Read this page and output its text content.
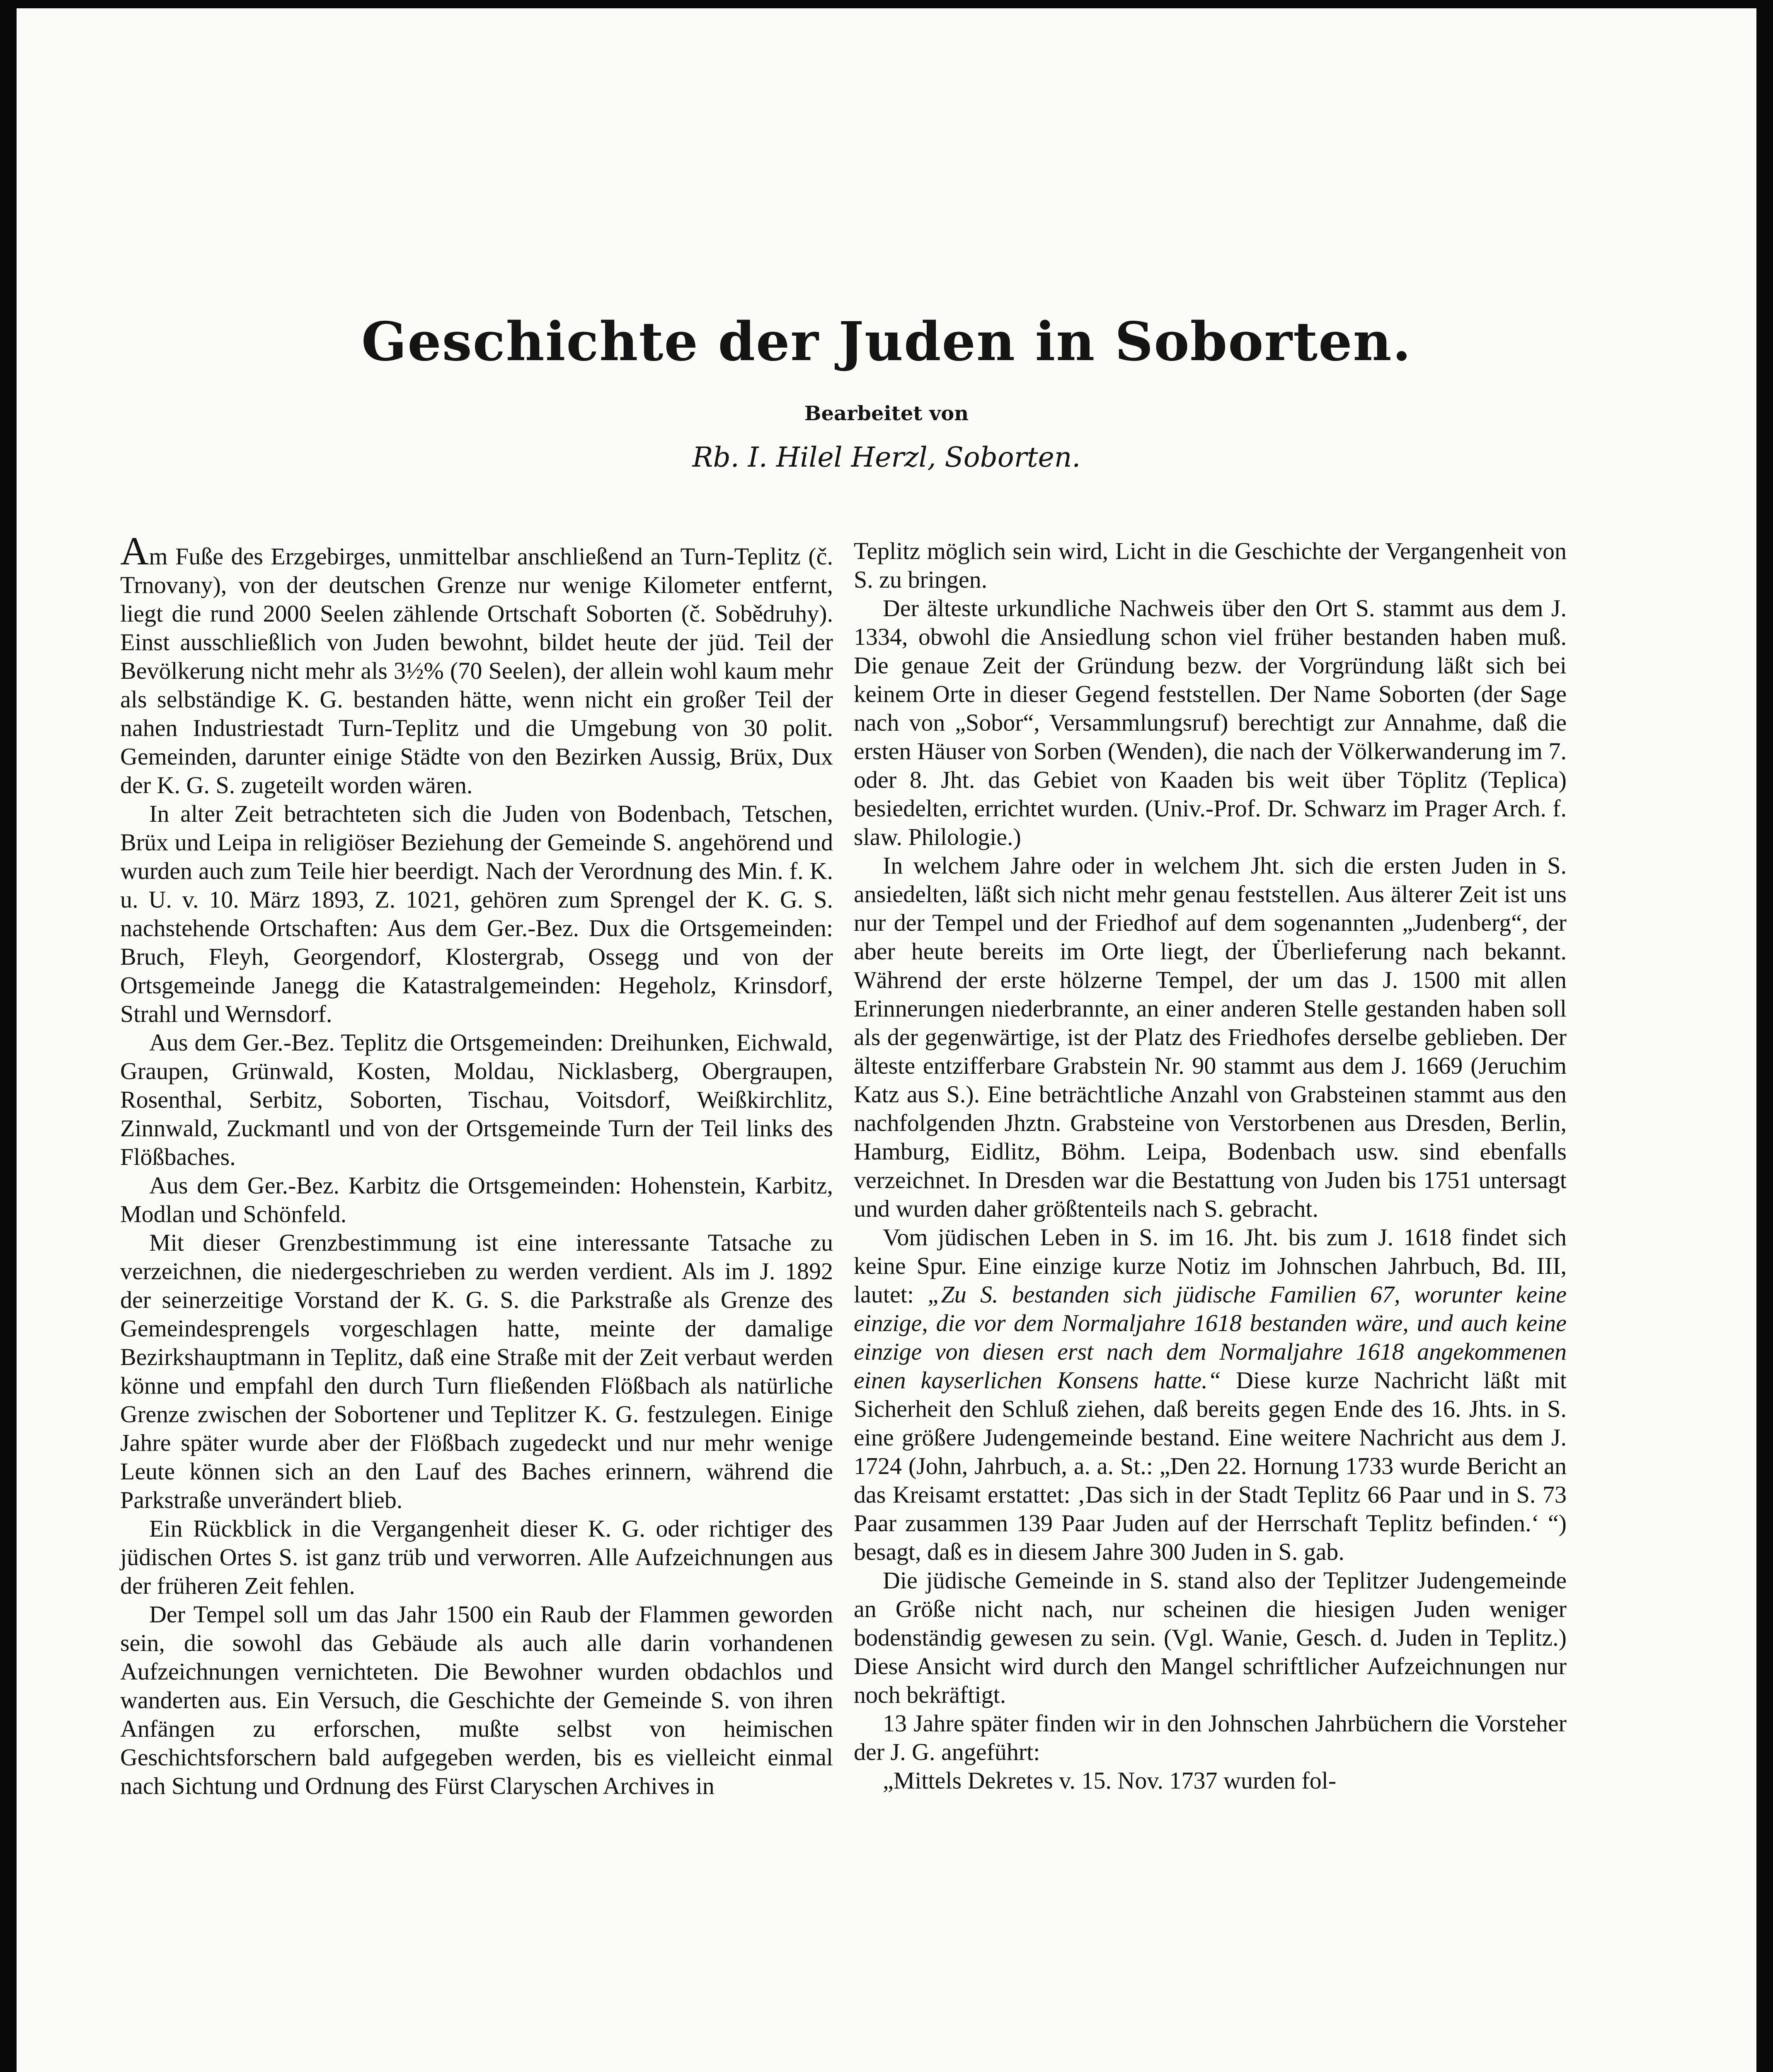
Geschichte der Juden in Soborten.
Bearbeitet von
Rb. I. Hilel Herzl, Soborten.

Am Fuße des Erzgebirges, unmittelbar anschließend an Turn-Teplitz (č. Trnovany), von der deutschen Grenze nur wenige Kilometer entfernt, liegt die rund 2000 Seelen zählende Ortschaft Soborten (č. Sobědruhy). Einst ausschließlich von Juden bewohnt, bildet heute der jüd. Teil der Bevölkerung nicht mehr als 3½% (70 Seelen), der allein wohl kaum mehr als selbständige K. G. bestanden hätte, wenn nicht ein großer Teil der nahen Industriestadt Turn-Teplitz und die Umgebung von 30 polit. Gemeinden, darunter einige Städte von den Bezirken Aussig, Brüx, Dux der K. G. S. zugeteilt worden wären.

In alter Zeit betrachteten sich die Juden von Bodenbach, Tetschen, Brüx und Leipa in religiöser Beziehung der Gemeinde S. angehörend und wurden auch zum Teile hier beerdigt. Nach der Verordnung des Min. f. K. u. U. v. 10. März 1893, Z. 1021, gehören zum Sprengel der K. G. S. nachstehende Ortschaften: Aus dem Ger.-Bez. Dux die Ortsgemeinden: Bruch, Fleyh, Georgendorf, Klostergrab, Ossegg und von der Ortsgemeinde Janegg die Katastralgemeinden: Hegeholz, Krinsdorf, Strahl und Wernsdorf.

Aus dem Ger.-Bez. Teplitz die Ortsgemeinden: Dreihunken, Eichwald, Graupen, Grünwald, Kosten, Moldau, Nicklasberg, Obergraupen, Rosenthal, Serbitz, Soborten, Tischau, Voitsdorf, Weißkirchlitz, Zinnwald, Zuckmantl und von der Ortsgemeinde Turn der Teil links des Flößbaches.

Aus dem Ger.-Bez. Karbitz die Ortsgemeinden: Hohenstein, Karbitz, Modlan und Schönfeld.

Mit dieser Grenzbestimmung ist eine interessante Tatsache zu verzeichnen, die niedergeschrieben zu werden verdient. Als im J. 1892 der seinerzeitige Vorstand der K. G. S. die Parkstraße als Grenze des Gemeindesprengels vorgeschlagen hatte, meinte der damalige Bezirkshauptmann in Teplitz, daß eine Straße mit der Zeit verbaut werden könne und empfahl den durch Turn fließenden Flößbach als natürliche Grenze zwischen der Sobortener und Teplitzer K. G. festzulegen. Einige Jahre später wurde aber der Flößbach zugedeckt und nur mehr wenige Leute können sich an den Lauf des Baches erinnern, während die Parkstraße unverändert blieb.

Ein Rückblick in die Vergangenheit dieser K. G. oder richtiger des jüdischen Ortes S. ist ganz trüb und verworren. Alle Aufzeichnungen aus der früheren Zeit fehlen.

Der Tempel soll um das Jahr 1500 ein Raub der Flammen geworden sein, die sowohl das Gebäude als auch alle darin vorhandenen Aufzeichnungen vernichteten. Die Bewohner wurden obdachlos und wanderten aus. Ein Versuch, die Geschichte der Gemeinde S. von ihren Anfängen zu erforschen, mußte selbst von heimischen Geschichtsforschern bald aufgegeben werden, bis es vielleicht einmal nach Sichtung und Ordnung des Fürst Claryschen Archives in

Teplitz möglich sein wird, Licht in die Geschichte der Vergangenheit von S. zu bringen.

Der älteste urkundliche Nachweis über den Ort S. stammt aus dem J. 1334, obwohl die Ansiedlung schon viel früher bestanden haben muß. Die genaue Zeit der Gründung bezw. der Vorgründung läßt sich bei keinem Orte in dieser Gegend feststellen. Der Name Soborten (der Sage nach von „Sobor“, Versammlungsruf) berechtigt zur Annahme, daß die ersten Häuser von Sorben (Wenden), die nach der Völkerwanderung im 7. oder 8. Jht. das Gebiet von Kaaden bis weit über Töplitz (Teplica) besiedelten, errichtet wurden. (Univ.-Prof. Dr. Schwarz im Prager Arch. f. slaw. Philologie.)

In welchem Jahre oder in welchem Jht. sich die ersten Juden in S. ansiedelten, läßt sich nicht mehr genau feststellen. Aus älterer Zeit ist uns nur der Tempel und der Friedhof auf dem sogenannten „Judenberg“, der aber heute bereits im Orte liegt, der Überlieferung nach bekannt. Während der erste hölzerne Tempel, der um das J. 1500 mit allen Erinnerungen niederbrannte, an einer anderen Stelle gestanden haben soll als der gegenwärtige, ist der Platz des Friedhofes derselbe geblieben. Der älteste entzifferbare Grabstein Nr. 90 stammt aus dem J. 1669 (Jeruchim Katz aus S.). Eine beträchtliche Anzahl von Grabsteinen stammt aus den nachfolgenden Jhztn. Grabsteine von Verstorbenen aus Dresden, Berlin, Hamburg, Eidlitz, Böhm. Leipa, Bodenbach usw. sind ebenfalls verzeichnet. In Dresden war die Bestattung von Juden bis 1751 untersagt und wurden daher größtenteils nach S. gebracht.

Vom jüdischen Leben in S. im 16. Jht. bis zum J. 1618 findet sich keine Spur. Eine einzige kurze Notiz im Johnschen Jahrbuch, Bd. III, lautet: „Zu S. bestanden sich jüdische Familien 67, worunter keine einzige, die vor dem Normaljahre 1618 bestanden wäre, und auch keine einzige von diesen erst nach dem Normaljahre 1618 angekommenen einen kayserlichen Konsens hatte.“ Diese kurze Nachricht läßt mit Sicherheit den Schluß ziehen, daß bereits gegen Ende des 16. Jhts. in S. eine größere Judengemeinde bestand. Eine weitere Nachricht aus dem J. 1724 (John, Jahrbuch, a. a. St.: „Den 22. Hornung 1733 wurde Bericht an das Kreisamt erstattet: ‚Das sich in der Stadt Teplitz 66 Paar und in S. 73 Paar zusammen 139 Paar Juden auf der Herrschaft Teplitz befinden.‘ “) besagt, daß es in diesem Jahre 300 Juden in S. gab.

Die jüdische Gemeinde in S. stand also der Teplitzer Judengemeinde an Größe nicht nach, nur scheinen die hiesigen Juden weniger bodenständig gewesen zu sein. (Vgl. Wanie, Gesch. d. Juden in Teplitz.) Diese Ansicht wird durch den Mangel schriftlicher Aufzeichnungen nur noch bekräftigt.

13 Jahre später finden wir in den Johnschen Jahrbüchern die Vorsteher der J. G. angeführt:

„Mittels Dekretes v. 15. Nov. 1737 wurden fol-
